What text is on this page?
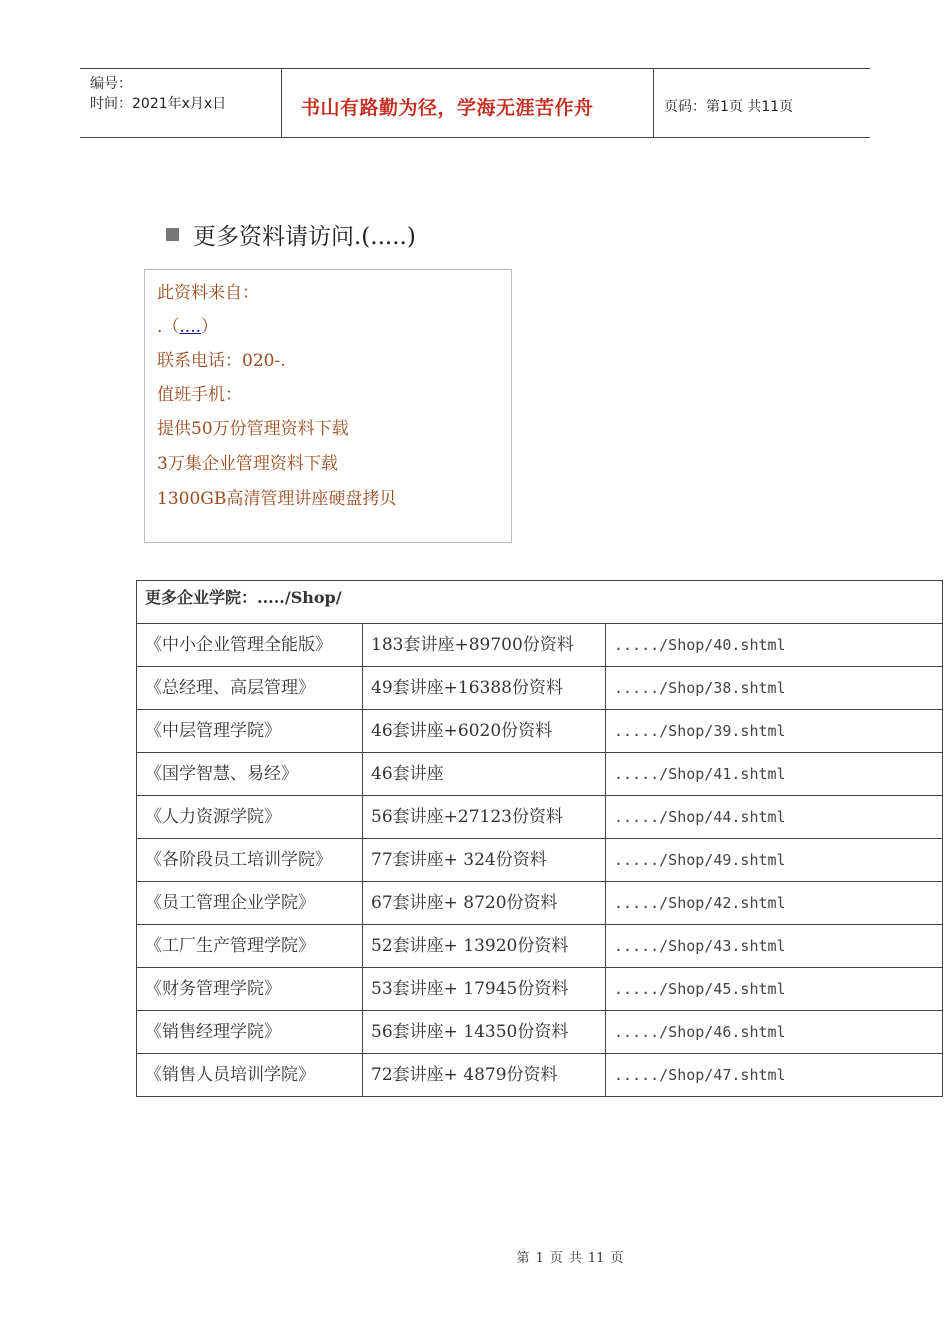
编号：
时间：2021年x月x日	书山有路勤为径，学海无涯苦作舟	页码：第1页 共11页
更多资料请访问.(.....)
此资料来自：
.（....）
联系电话：020-.
值班手机：
提供50万份管理资料下载
3万集企业管理资料下载
1300GB高清管理讲座硬盘拷贝
更多企业学院：...../Shop/		
《中小企业管理全能版》	183套讲座+89700份资料	...../Shop/40.shtml
《总经理、高层管理》	49套讲座+16388份资料	...../Shop/38.shtml
《中层管理学院》	46套讲座+6020份资料	...../Shop/39.shtml
《国学智慧、易经》	46套讲座	...../Shop/41.shtml
《人力资源学院》	56套讲座+27123份资料	...../Shop/44.shtml
《各阶段员工培训学院》	77套讲座+ 324份资料	...../Shop/49.shtml
《员工管理企业学院》	67套讲座+ 8720份资料	...../Shop/42.shtml
《工厂生产管理学院》	52套讲座+ 13920份资料	...../Shop/43.shtml
《财务管理学院》	53套讲座+ 17945份资料	...../Shop/45.shtml
《销售经理学院》	56套讲座+ 14350份资料	...../Shop/46.shtml
《销售人员培训学院》	72套讲座+ 4879份资料	...../Shop/47.shtml
第 1 页 共 11 页
